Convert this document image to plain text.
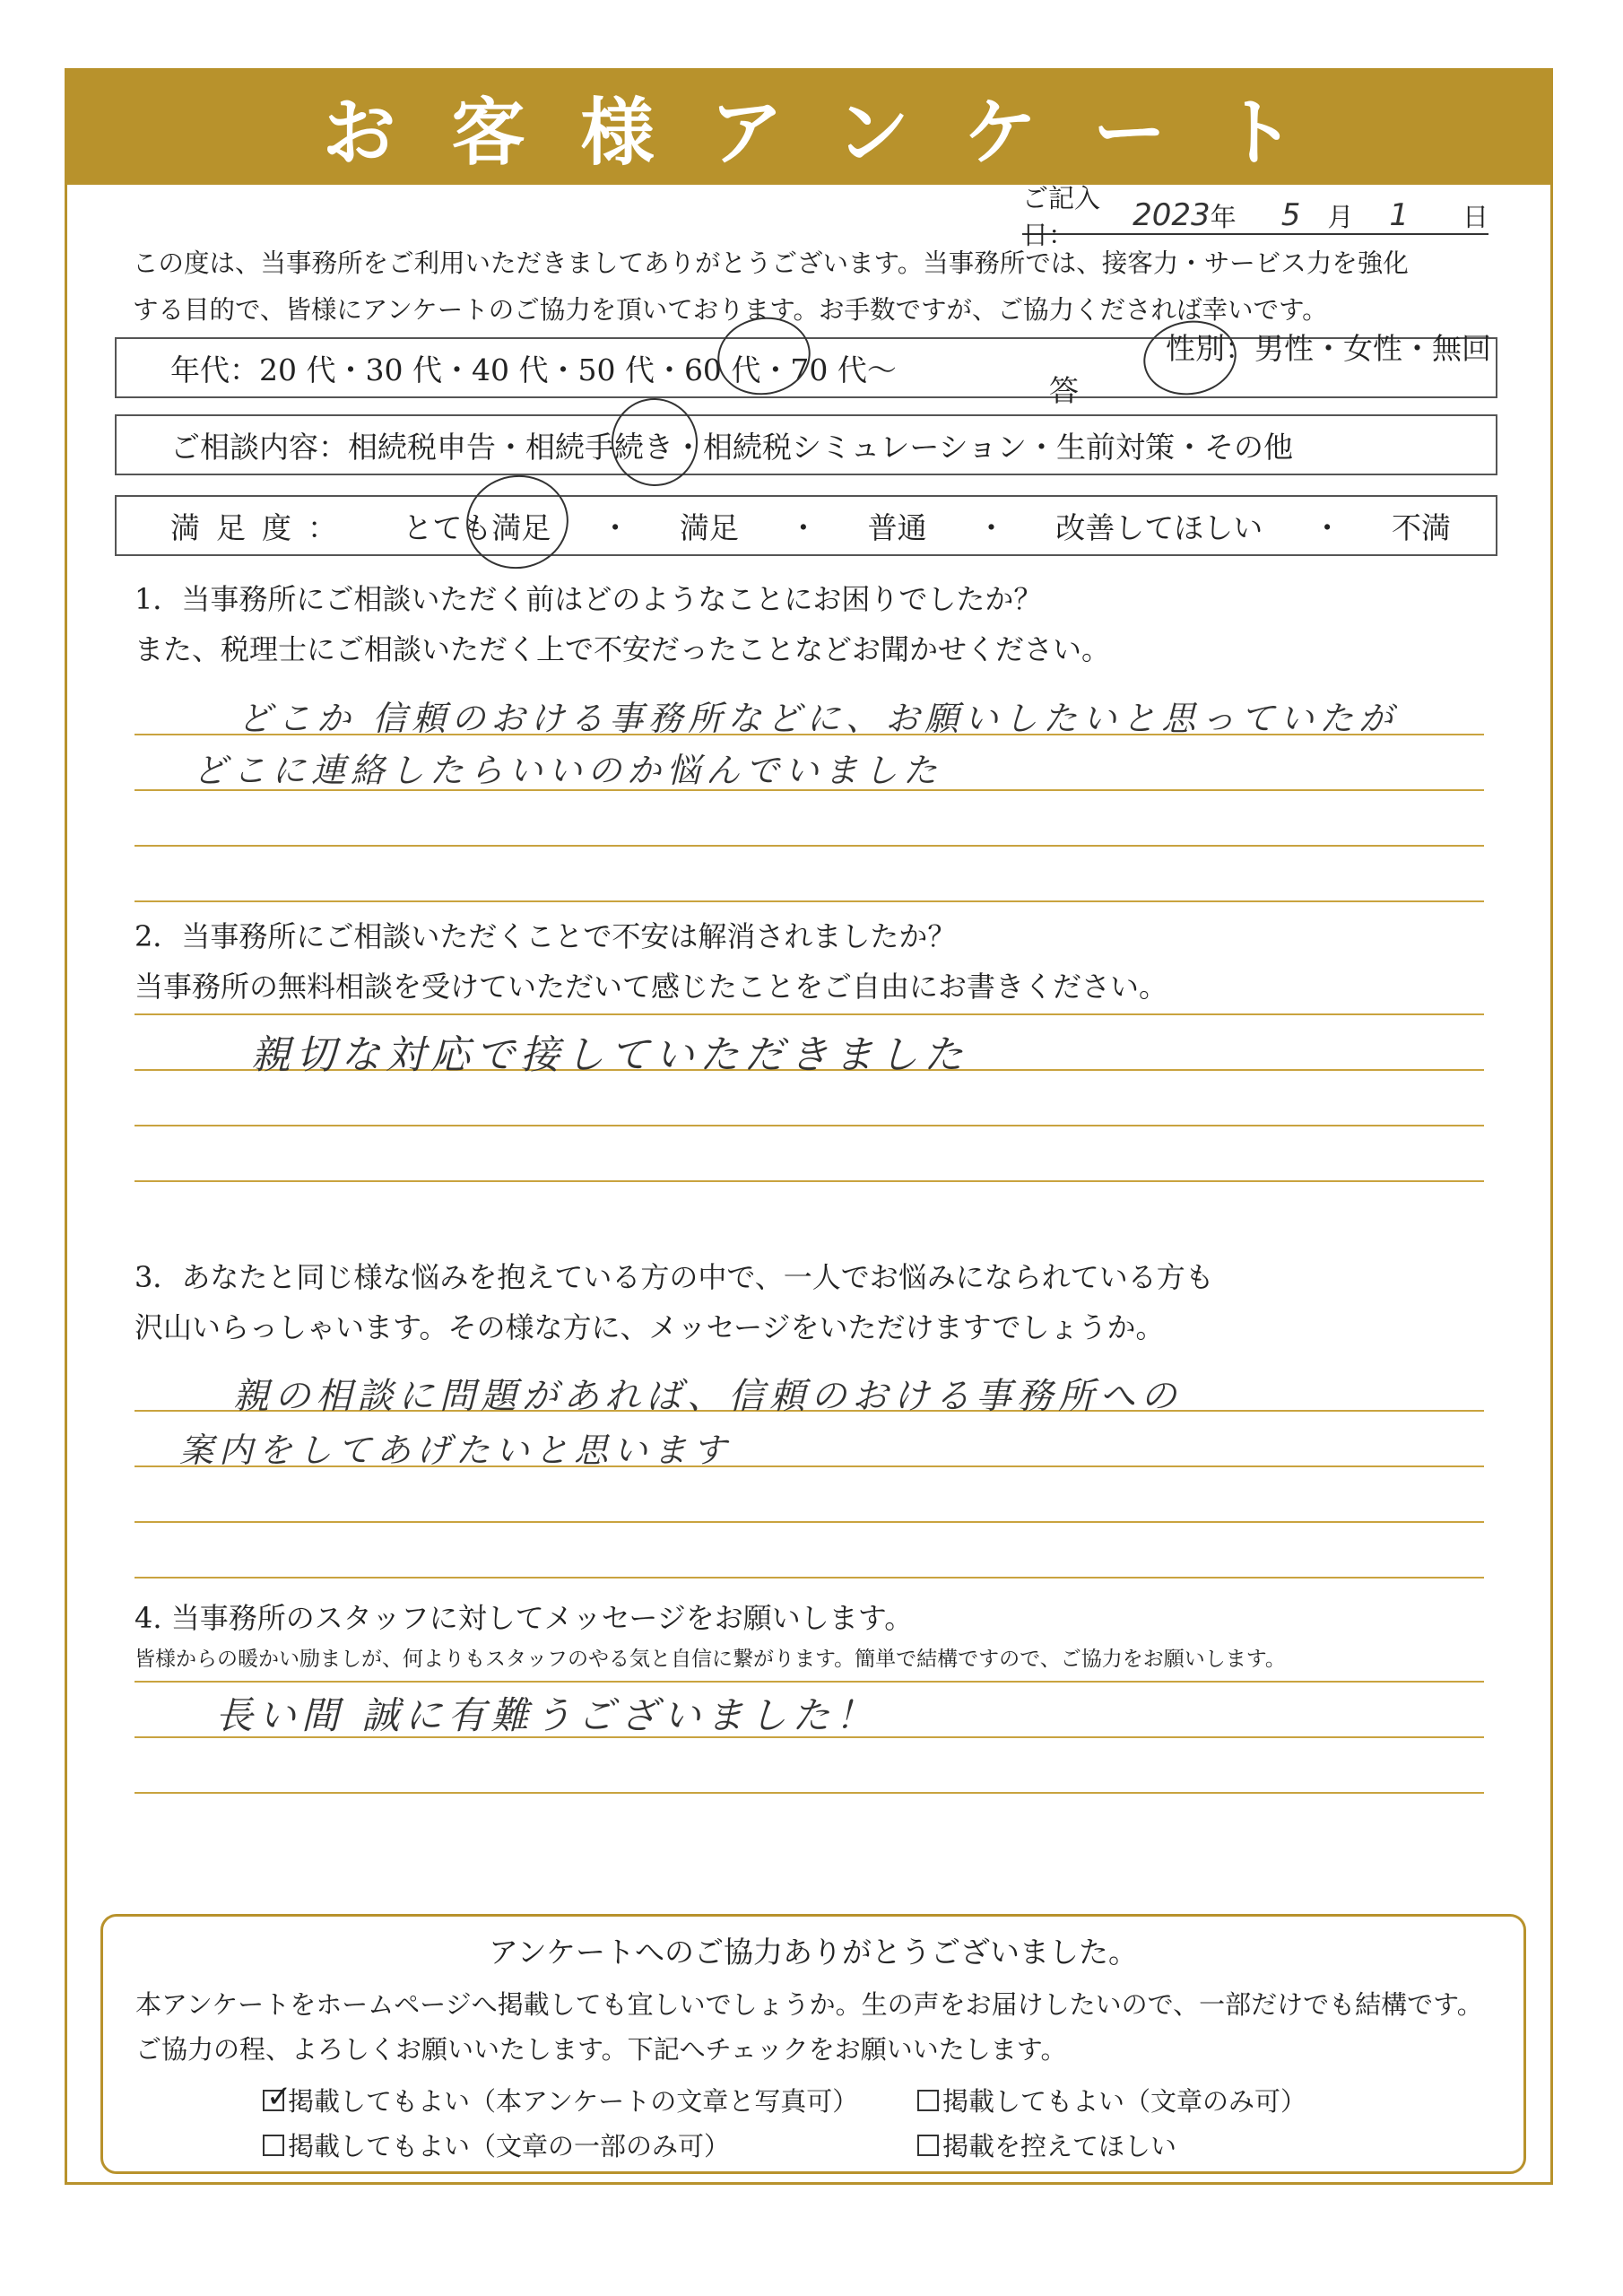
お客様アンケート
ご記入日：
2023 年 5 月 1 日
この度は、当事務所をご利用いただきましてありがとうございます。当事務所では、接客力・サービス力を強化
する目的で、皆様にアンケートのご協力を頂いております。お手数ですが、ご協力くだされば幸いです。
年代： 20 代 ・ 30 代 ・ 40 代 ・ 50 代 ・ 60 代 ・ 70 代～
性別：男性・女性・無回答
ご相談内容： 相続税申告 ・ 相続手続き ・ 相続税シミュレーション ・ 生前対策 ・ その他
満足度： とても満足 ・ 満足 ・ 普通 ・ 改善してほしい ・ 不満
1．当事務所にご相談いただく前はどのようなことにお困りでしたか？
また、税理士にご相談いただく上で不安だったことなどお聞かせください。
どこか 信頼のおける事務所などに、お願いしたいと思っていたが
どこに連絡したらいいのか悩んでいました
2．当事務所にご相談いただくことで不安は解消されましたか？
当事務所の無料相談を受けていただいて感じたことをご自由にお書きください。
親切な対応で接していただきました
3．あなたと同じ様な悩みを抱えている方の中で、一人でお悩みになられている方も
沢山いらっしゃいます。その様な方に、メッセージをいただけますでしょうか。
親の相談に問題があれば、信頼のおける事務所への
案内をしてあげたいと思います
4. 当事務所のスタッフに対してメッセージをお願いします。
皆様からの暖かい励ましが、何よりもスタッフのやる気と自信に繋がります。簡単で結構ですので、ご協力をお願いします。
長い間 誠に有難うございました！
アンケートへのご協力ありがとうございました。
本アンケートをホームページへ掲載しても宜しいでしょうか。生の声をお届けしたいので、一部だけでも結構です。
ご協力の程、よろしくお願いいたします。下記へチェックをお願いいたします。
✓
掲載してもよい（本アンケートの文章と写真可）	掲載してもよい（文章のみ可）
掲載してもよい（文章の一部のみ可）	掲載を控えてほしい
